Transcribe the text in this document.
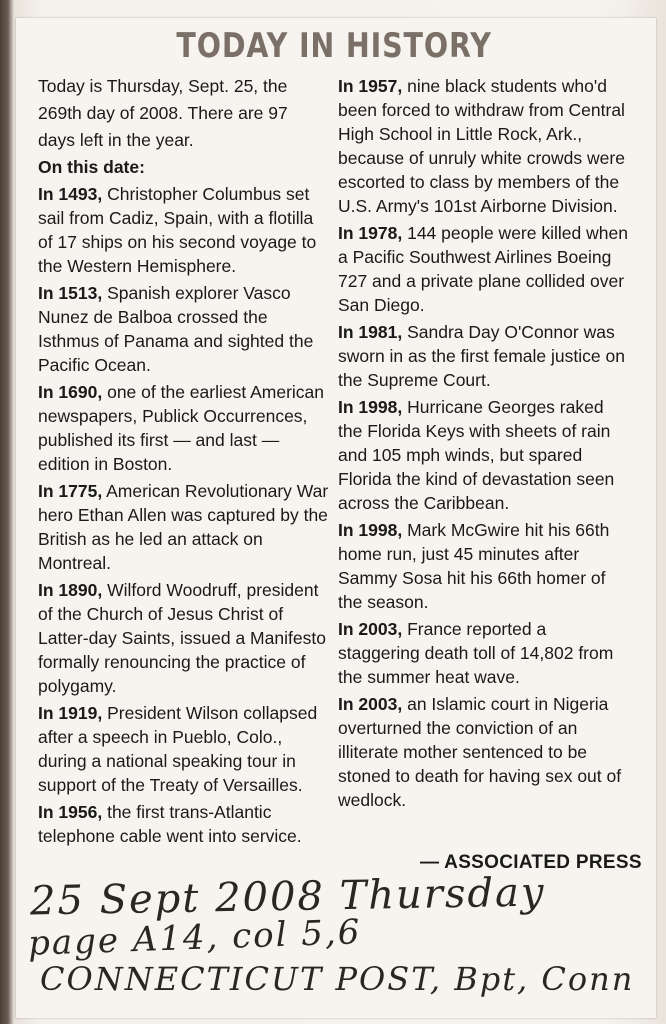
TODAY IN HISTORY

Today is Thursday, Sept. 25, the

269th day of 2008. There are 97

days left in the year.

On this date:

In 1493, Christopher Columbus set sail from Cadiz, Spain, with a flotilla of 17 ships on his second voyage to the Western Hemisphere.

In 1513, Spanish explorer Vasco Nunez de Balboa crossed the Isthmus of Panama and sighted the Pacific Ocean.

In 1690, one of the earliest American newspapers, Publick Occurrences, published its first — and last — edition in Boston.

In 1775, American Revolutionary War hero Ethan Allen was captured by the British as he led an attack on Montreal.

In 1890, Wilford Woodruff, president of the Church of Jesus Christ of Latter-day Saints, issued a Manifesto formally renouncing the practice of polygamy.

In 1919, President Wilson collapsed after a speech in Pueblo, Colo., during a national speaking tour in support of the Treaty of Versailles.

In 1956, the first trans-Atlantic telephone cable went into service.

In 1957, nine black students who'd been forced to withdraw from Central High School in Little Rock, Ark., because of unruly white crowds were escorted to class by members of the U.S. Army's 101st Airborne Division.

In 1978, 144 people were killed when a Pacific Southwest Airlines Boeing 727 and a private plane collided over San Diego.

In 1981, Sandra Day O'Connor was sworn in as the first female justice on the Supreme Court.

In 1998, Hurricane Georges raked the Florida Keys with sheets of rain and 105 mph winds, but spared Florida the kind of devastation seen across the Caribbean.

In 1998, Mark McGwire hit his 66th home run, just 45 minutes after Sammy Sosa hit his 66th homer of the season.

In 2003, France reported a staggering death toll of 14,802 from the summer heat wave.

In 2003, an Islamic court in Nigeria overturned the conviction of an illiterate mother sentenced to be stoned to death for having sex out of wedlock.

— ASSOCIATED PRESS
25 Sept 2008 Thursday
page A14, col 5,6
CONNECTICUT POST, Bpt, Conn
